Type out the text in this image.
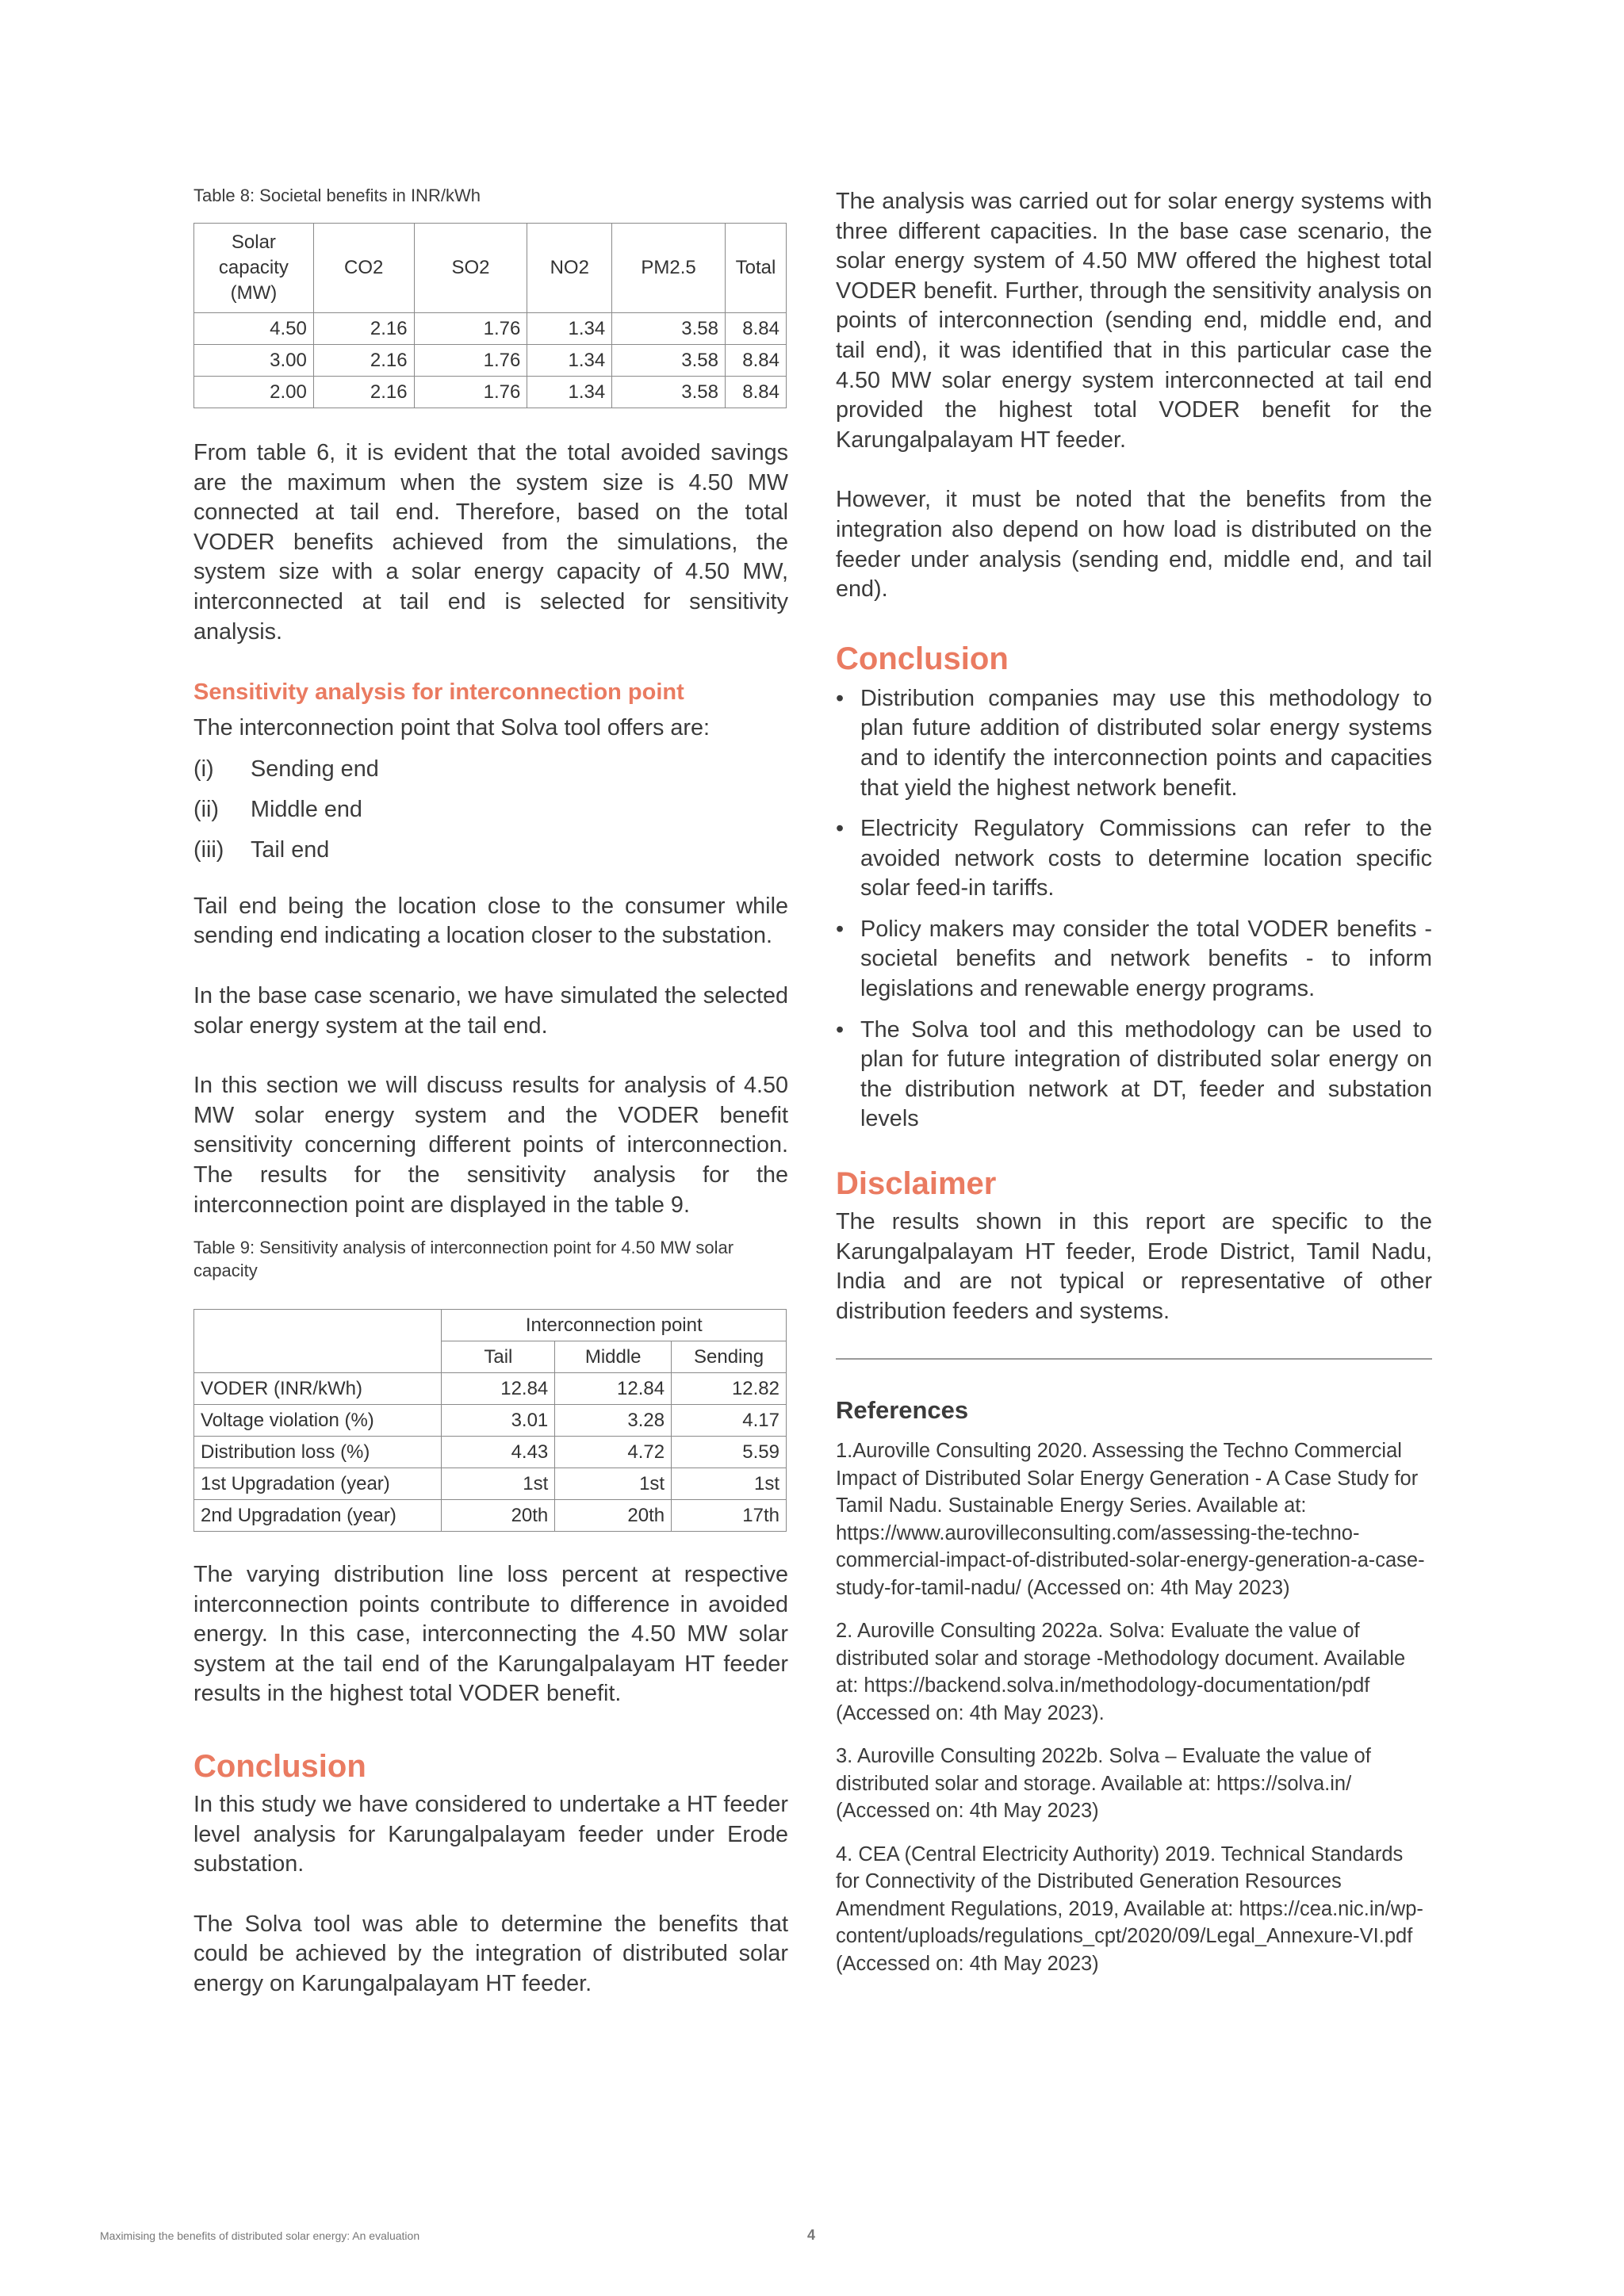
Table 8: Societal benefits in INR/kWh

Solar capacity (MW)	CO2	SO2	NO2	PM2.5	Total
4.50	2.16	1.76	1.34	3.58	8.84
3.00	2.16	1.76	1.34	3.58	8.84
2.00	2.16	1.76	1.34	3.58	8.84

From table 6, it is evident that the total avoided savings are the maximum when the system size is 4.50 MW connected at tail end. Therefore, based on the total VODER benefits achieved from the simulations, the system size with a solar energy capacity of 4.50 MW, interconnected at tail end is selected for sensitivity analysis.

Sensitivity analysis for interconnection point

The interconnection point that Solva tool offers are:

(i)	Sending end
(ii)	Middle end
(iii)	Tail end

Tail end being the location close to the consumer while sending end indicating a location closer to the substation.

In the base case scenario, we have simulated the selected solar energy system at the tail end.

In this section we will discuss results for analysis of 4.50 MW solar energy system and the VODER benefit sensitivity concerning different points of interconnection. The results for the sensitivity analysis for the interconnection point are displayed in the table 9.

Table 9: Sensitivity analysis of interconnection point for 4.50 MW solar capacity

	Interconnection point		
	Tail	Middle	Sending
VODER (INR/kWh)	12.84	12.84	12.82
Voltage violation (%)	3.01	3.28	4.17
Distribution loss (%)	4.43	4.72	5.59
1st Upgradation (year)	1st	1st	1st
2nd Upgradation (year)	20th	20th	17th

The varying distribution line loss percent at respective interconnection points contribute to difference in avoided energy. In this case, interconnecting the 4.50 MW solar system at the tail end of the Karungalpalayam HT feeder results in the highest total VODER benefit.

Conclusion

In this study we have considered to undertake a HT feeder level analysis for Karungalpalayam feeder under Erode substation.

The Solva tool was able to determine the benefits that could be achieved by the integration of distributed solar energy on Karungalpalayam HT feeder.

The analysis was carried out for solar energy systems with three different capacities. In the base case scenario, the solar energy system of 4.50 MW offered the highest total VODER benefit. Further, through the sensitivity analysis on points of interconnection (sending end, middle end, and tail end), it was identified that in this particular case the 4.50 MW solar energy system interconnected at tail end provided the highest total VODER benefit for the Karungalpalayam HT feeder.

However, it must be noted that the benefits from the integration also depend on how load is distributed on the feeder under analysis (sending end, middle end, and tail end).

Conclusion

• Distribution companies may use this methodology to plan future addition of distributed solar energy systems and to identify the interconnection points and capacities that yield the highest network benefit.
• Electricity Regulatory Commissions can refer to the avoided network costs to determine location specific solar feed-in tariffs.
• Policy makers may consider the total VODER benefits - societal benefits and network benefits - to inform legislations and renewable energy programs.
• The Solva tool and this methodology can be used to plan for future integration of distributed solar energy on the distribution network at DT, feeder and substation levels

Disclaimer

The results shown in this report are specific to the Karungalpalayam HT feeder, Erode District, Tamil Nadu, India and are not typical or representative of other distribution feeders and systems.

References

1.Auroville Consulting 2020. Assessing the Techno Commercial Impact of Distributed Solar Energy Generation - A Case Study for Tamil Nadu. Sustainable Energy Series. Available at: https://www.aurovilleconsulting.com/assessing-the-techno-commercial-impact-of-distributed-solar-energy-generation-a-case-study-for-tamil-nadu/ (Accessed on: 4th May 2023)

2. Auroville Consulting 2022a. Solva: Evaluate the value of distributed solar and storage -Methodology document. Available at: https://backend.solva.in/methodology-documentation/pdf (Accessed on: 4th May 2023).

3. Auroville Consulting 2022b. Solva – Evaluate the value of distributed solar and storage. Available at: https://solva.in/ (Accessed on: 4th May 2023)

4. CEA (Central Electricity Authority) 2019. Technical Standards for Connectivity of the Distributed Generation Resources Amendment Regulations, 2019, Available at: https://cea.nic.in/wp-content/uploads/regulations_cpt/2020/09/Legal_Annexure-VI.pdf (Accessed on: 4th May 2023)

Maximising the benefits of distributed solar energy: An evaluation	4
